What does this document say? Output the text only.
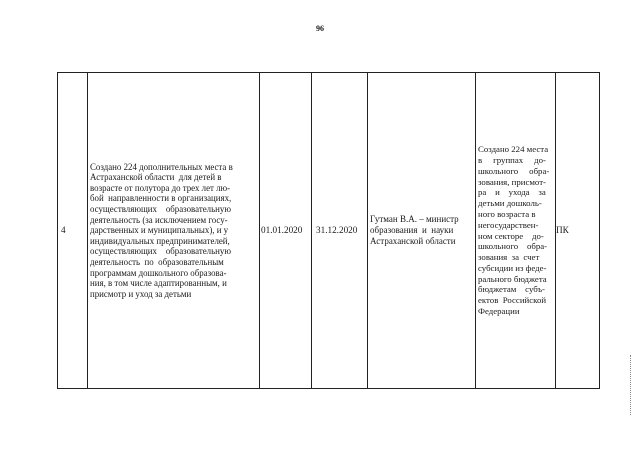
96
4
Создано 224 дополнительных места в
Астраханской области  для детей в
возрасте от полутора до трех лет лю-
бой  направленности в организациях,
осуществляющих    образовательную
деятельность (за исключением госу-
дарственных и муниципальных), и у
индивидуальных предпринимателей,
осуществляющих    образовательную
деятельность  по  образовательным
программам дошкольного образова-
ния, в том числе адаптированным, и
присмотр и уход за детьми
01.01.2020 31.12.2020
Гутман В.А. – министр
образования  и  науки
Астраханской области
Создано 224 места
в     группах     до-
школьного     обра-
зования, присмот-
ра    и    ухода    за
детьми дошколь-
ного возраста в
негосударствен-
ном секторе    до-
школьного    обра-
зования  за  счет
субсидии из феде-
рального бюджета
бюджетам    субъ-
ектов  Российской
Федерации
ПК
